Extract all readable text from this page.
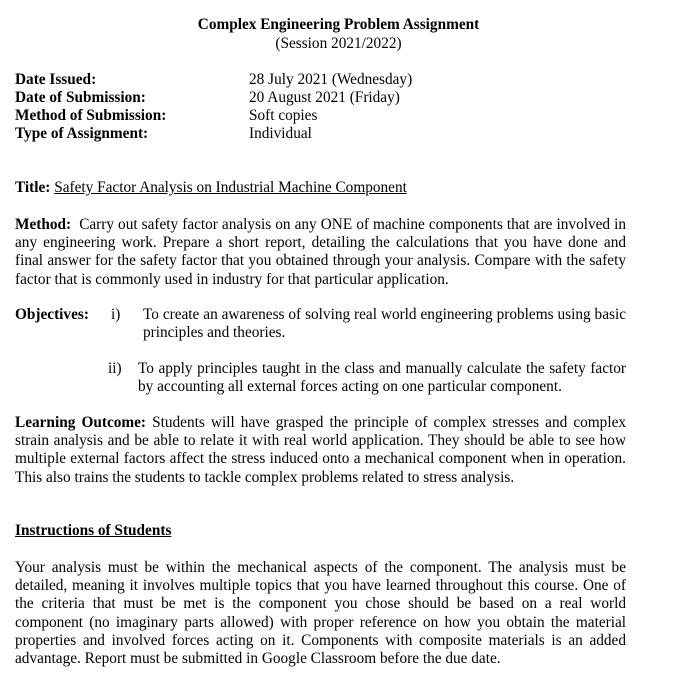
Complex Engineering Problem Assignment
(Session 2021/2022)
Date Issued:	28 July 2021 (Wednesday)
Date of Submission:	20 August 2021 (Friday)
Method of Submission:	Soft copies
Type of Assignment:	Individual
Title: Safety Factor Analysis on Industrial Machine Component
Method: Carry out safety factor analysis on any ONE of machine components that are involved in any engineering work. Prepare a short report, detailing the calculations that you have done and final answer for the safety factor that you obtained through your analysis. Compare with the safety factor that is commonly used in industry for that particular application.
Objectives: i) To create an awareness of solving real world engineering problems using basic principles and theories.
ii) To apply principles taught in the class and manually calculate the safety factor by accounting all external forces acting on one particular component.
Learning Outcome: Students will have grasped the principle of complex stresses and complex strain analysis and be able to relate it with real world application. They should be able to see how multiple external factors affect the stress induced onto a mechanical component when in operation. This also trains the students to tackle complex problems related to stress analysis.
Instructions of Students
Your analysis must be within the mechanical aspects of the component. The analysis must be detailed, meaning it involves multiple topics that you have learned throughout this course. One of the criteria that must be met is the component you chose should be based on a real world component (no imaginary parts allowed) with proper reference on how you obtain the material properties and involved forces acting on it. Components with composite materials is an added advantage. Report must be submitted in Google Classroom before the due date.
